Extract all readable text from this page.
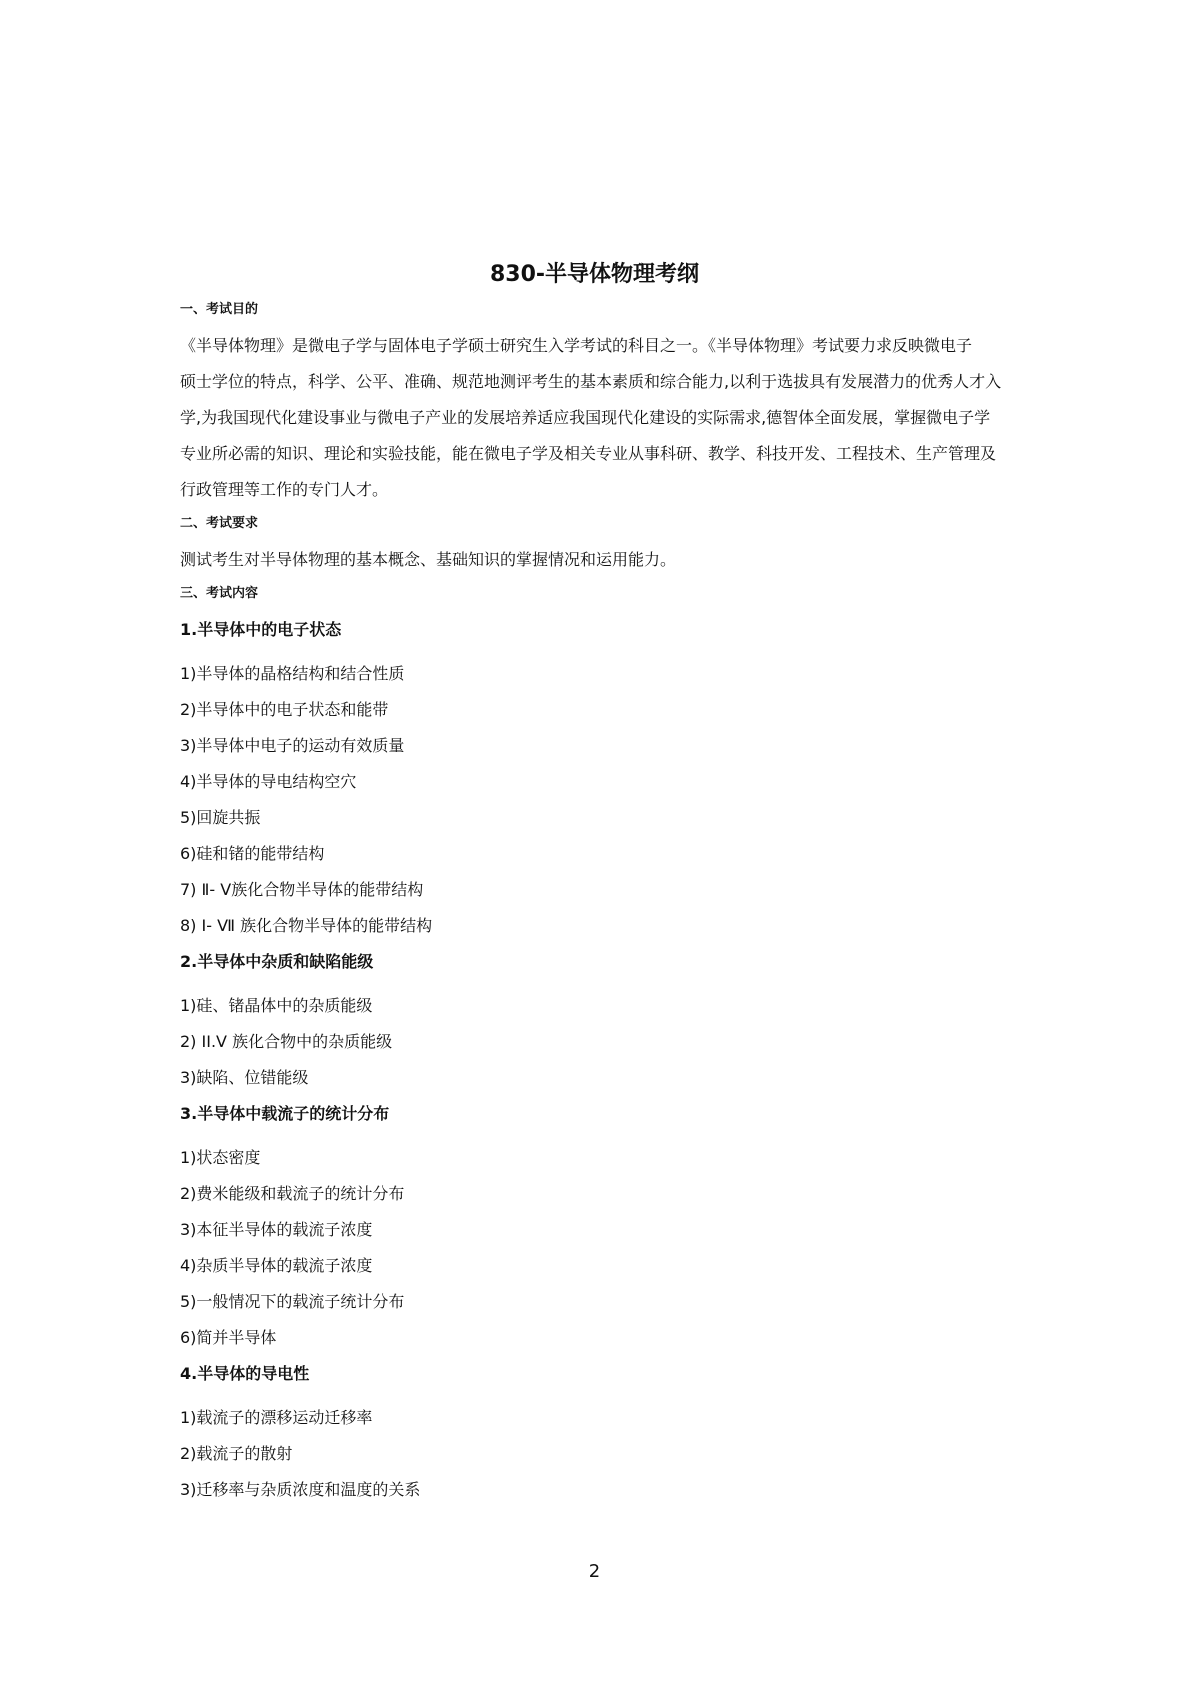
830-半导体物理考纲

一、考试目的

《半导体物理》是微电子学与固体电子学硕士研究生入学考试的科目之一。《半导体物理》考试要力求反映微电子

硕士学位的特点，科学、公平、准确、规范地测评考生的基本素质和综合能力,以利于选拔具有发展潜力的优秀人才入

学,为我国现代化建设事业与微电子产业的发展培养适应我国现代化建设的实际需求,德智体全面发展，掌握微电子学

专业所必需的知识、理论和实验技能，能在微电子学及相关专业从事科研、教学、科技开发、工程技术、生产管理及

行政管理等工作的专门人才。

二、考试要求

测试考生对半导体物理的基本概念、基础知识的掌握情况和运用能力。

三、考试内容

1.半导体中的电子状态

1)半导体的晶格结构和结合性质

2)半导体中的电子状态和能带

3)半导体中电子的运动有效质量

4)半导体的导电结构空穴

5)回旋共振

6)硅和锗的能带结构

7) Ⅱ- Ⅴ族化合物半导体的能带结构

8) Ⅰ- Ⅶ 族化合物半导体的能带结构

2.半导体中杂质和缺陷能级

1)硅、锗晶体中的杂质能级

2) II.V 族化合物中的杂质能级

3)缺陷、位错能级

3.半导体中载流子的统计分布

1)状态密度

2)费米能级和载流子的统计分布

3)本征半导体的载流子浓度

4)杂质半导体的载流子浓度

5)一般情况下的载流子统计分布

6)简并半导体

4.半导体的导电性

1)载流子的漂移运动迁移率

2)载流子的散射

3)迁移率与杂质浓度和温度的关系

2
